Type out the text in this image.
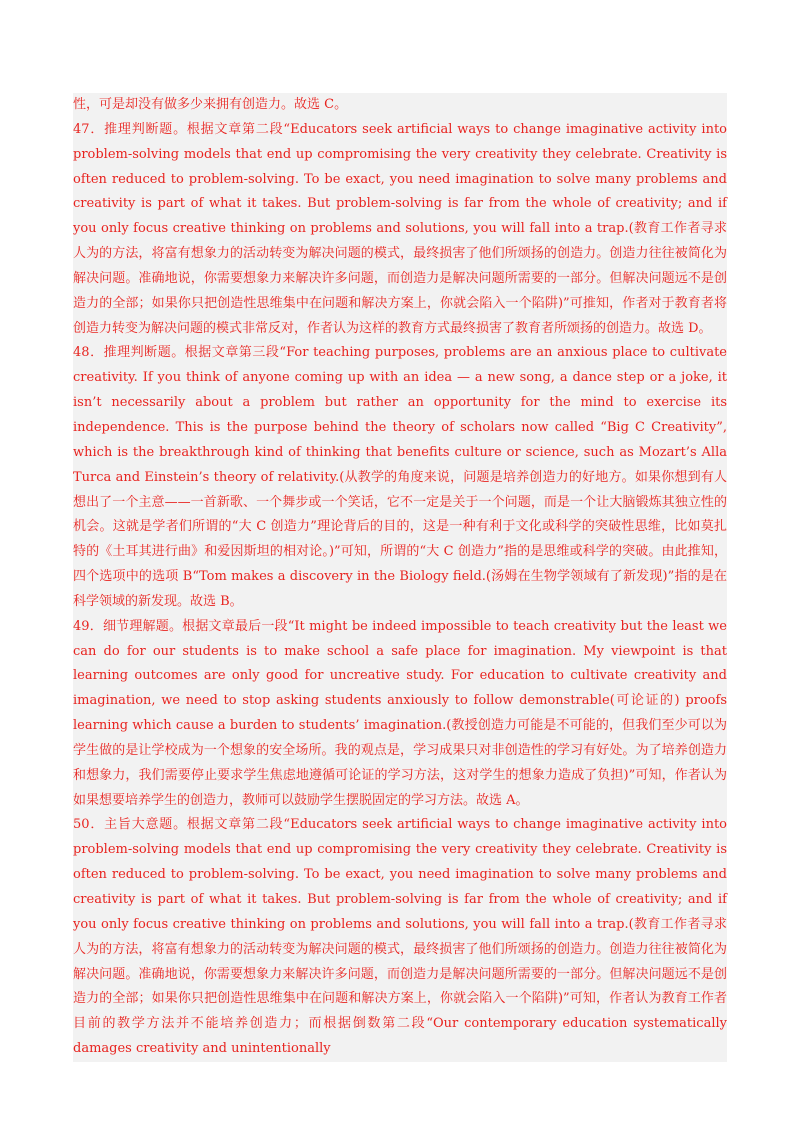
性，可是却没有做多少来拥有创造力。故选 C。

47．推理判断题。根据文章第二段“Educators seek artificial ways to change imaginative activity into problem-solving models that end up compromising the very creativity they celebrate. Creativity is often reduced to problem-solving. To be exact, you need imagination to solve many problems and creativity is part of what it takes. But problem-solving is far from the whole of creativity; and if you only focus creative thinking on problems and solutions, you will fall into a trap.(教育工作者寻求人为的方法，将富有想象力的活动转变为解决问题的模式，最终损害了他们所颂扬的创造力。创造力往往被简化为解决问题。准确地说，你需要想象力来解决许多问题，而创造力是解决问题所需要的一部分。但解决问题远不是创造力的全部；如果你只把创造性思维集中在问题和解决方案上，你就会陷入一个陷阱)”可推知，作者对于教育者将创造力转变为解决问题的模式非常反对，作者认为这样的教育方式最终损害了教育者所颂扬的创造力。故选 D。

48．推理判断题。根据文章第三段“For teaching purposes, problems are an anxious place to cultivate creativity. If you think of anyone coming up with an idea — a new song, a dance step or a joke, it isn’t necessarily about a problem but rather an opportunity for the mind to exercise its independence. This is the purpose behind the theory of scholars now called “Big C Creativity”, which is the breakthrough kind of thinking that benefits culture or science, such as Mozart’s Alla Turca and Einstein’s theory of relativity.(从教学的角度来说，问题是培养创造力的好地方。如果你想到有人想出了一个主意——一首新歌、一个舞步或一个笑话，它不一定是关于一个问题，而是一个让大脑锻炼其独立性的机会。这就是学者们所谓的“大 C 创造力”理论背后的目的，这是一种有利于文化或科学的突破性思维，比如莫扎特的《土耳其进行曲》和爱因斯坦的相对论。)”可知，所谓的“大 C 创造力”指的是思维或科学的突破。由此推知，四个选项中的选项 B“Tom makes a discovery in the Biology field.(汤姆在生物学领域有了新发现)”指的是在科学领域的新发现。故选 B。

49．细节理解题。根据文章最后一段“It might be indeed impossible to teach creativity but the least we can do for our students is to make school a safe place for imagination. My viewpoint is that learning outcomes are only good for uncreative study. For education to cultivate creativity and imagination, we need to stop asking students anxiously to follow demonstrable(可论证的) proofs learning which cause a burden to students’ imagination.(教授创造力可能是不可能的，但我们至少可以为学生做的是让学校成为一个想象的安全场所。我的观点是，学习成果只对非创造性的学习有好处。为了培养创造力和想象力，我们需要停止要求学生焦虑地遵循可论证的学习方法，这对学生的想象力造成了负担)”可知，作者认为如果想要培养学生的创造力，教师可以鼓励学生摆脱固定的学习方法。故选 A。

50．主旨大意题。根据文章第二段“Educators seek artificial ways to change imaginative activity into problem-solving models that end up compromising the very creativity they celebrate. Creativity is often reduced to problem-solving. To be exact, you need imagination to solve many problems and creativity is part of what it takes. But problem-solving is far from the whole of creativity; and if you only focus creative thinking on problems and solutions, you will fall into a trap.(教育工作者寻求人为的方法，将富有想象力的活动转变为解决问题的模式，最终损害了他们所颂扬的创造力。创造力往往被简化为解决问题。准确地说，你需要想象力来解决许多问题，而创造力是解决问题所需要的一部分。但解决问题远不是创造力的全部；如果你只把创造性思维集中在问题和解决方案上，你就会陷入一个陷阱)”可知，作者认为教育工作者目前的教学方法并不能培养创造力；而根据倒数第二段“Our contemporary education systematically damages creativity and unintentionally
